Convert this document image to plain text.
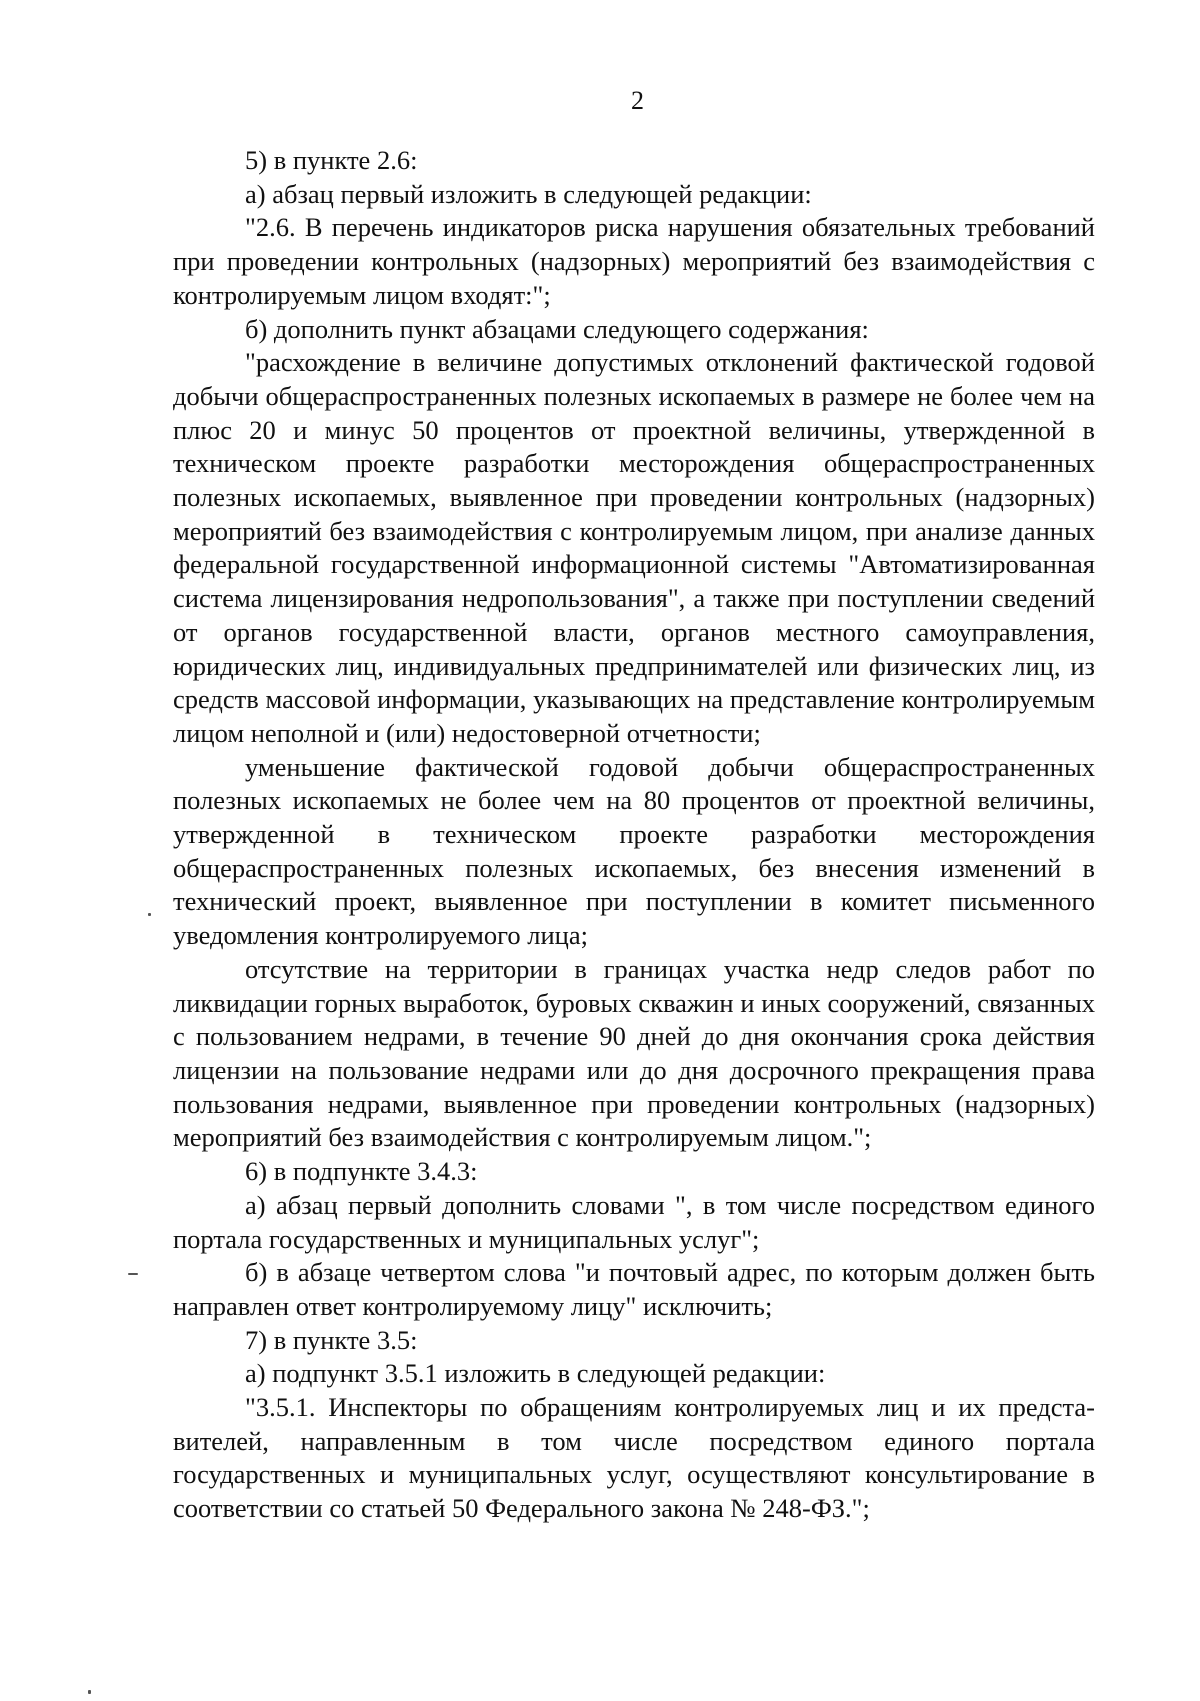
2

5) в пункте 2.6:

а) абзац первый изложить в следующей редакции:

"2.6. В перечень индикаторов риска нарушения обязательных требований при проведении контрольных (надзорных) мероприятий без взаимодействия с контролируемым лицом входят:";

б) дополнить пункт абзацами следующего содержания:

"расхождение в величине допустимых отклонений фактической годовой добычи общераспространенных полезных ископаемых в размере не более чем на плюс 20 и минус 50 процентов от проектной величины, утвержденной в техническом проекте разработки месторождения общераспространенных полезных ископаемых, выявленное при проведении контрольных (надзорных) мероприятий без взаимодействия с контролируемым лицом, при анализе данных федеральной государственной информационной системы "Автоматизированная система лицензирования недропользования", а также при поступлении сведений от органов государственной власти, органов местного самоуправления, юридических лиц, индивидуальных предпринимателей или физических лиц, из средств массовой информации, указывающих на представление контролируемым лицом неполной и (или) недостоверной отчетности;

уменьшение фактической годовой добычи общераспространенных полезных ископаемых не более чем на 80 процентов от проектной величины, утвержденной в техническом проекте разработки месторождения общераспространенных полезных ископаемых, без внесения изменений в технический проект, выявленное при поступлении в комитет письменного уведомления контролируемого лица;

отсутствие на территории в границах участка недр следов работ по ликвидации горных выработок, буровых скважин и иных сооружений, связанных с пользованием недрами, в течение 90 дней до дня окончания срока действия лицензии на пользование недрами или до дня досрочного прекращения права пользования недрами, выявленное при проведении контрольных (надзорных) мероприятий без взаимодействия с контролируемым лицом.";

6) в подпункте 3.4.3:

а) абзац первый дополнить словами ", в том числе посредством единого портала государственных и муниципальных услуг";

б) в абзаце четвертом слова "и почтовый адрес, по которым должен быть направлен ответ контролируемому лицу" исключить;

7) в пункте 3.5:

а) подпункт 3.5.1 изложить в следующей редакции:

"3.5.1. Инспекторы по обращениям контролируемых лиц и их представителей, направленным в том числе посредством единого портала государственных и муниципальных услуг, осуществляют консультирование в соответствии со статьей 50 Федерального закона № 248-ФЗ.";
